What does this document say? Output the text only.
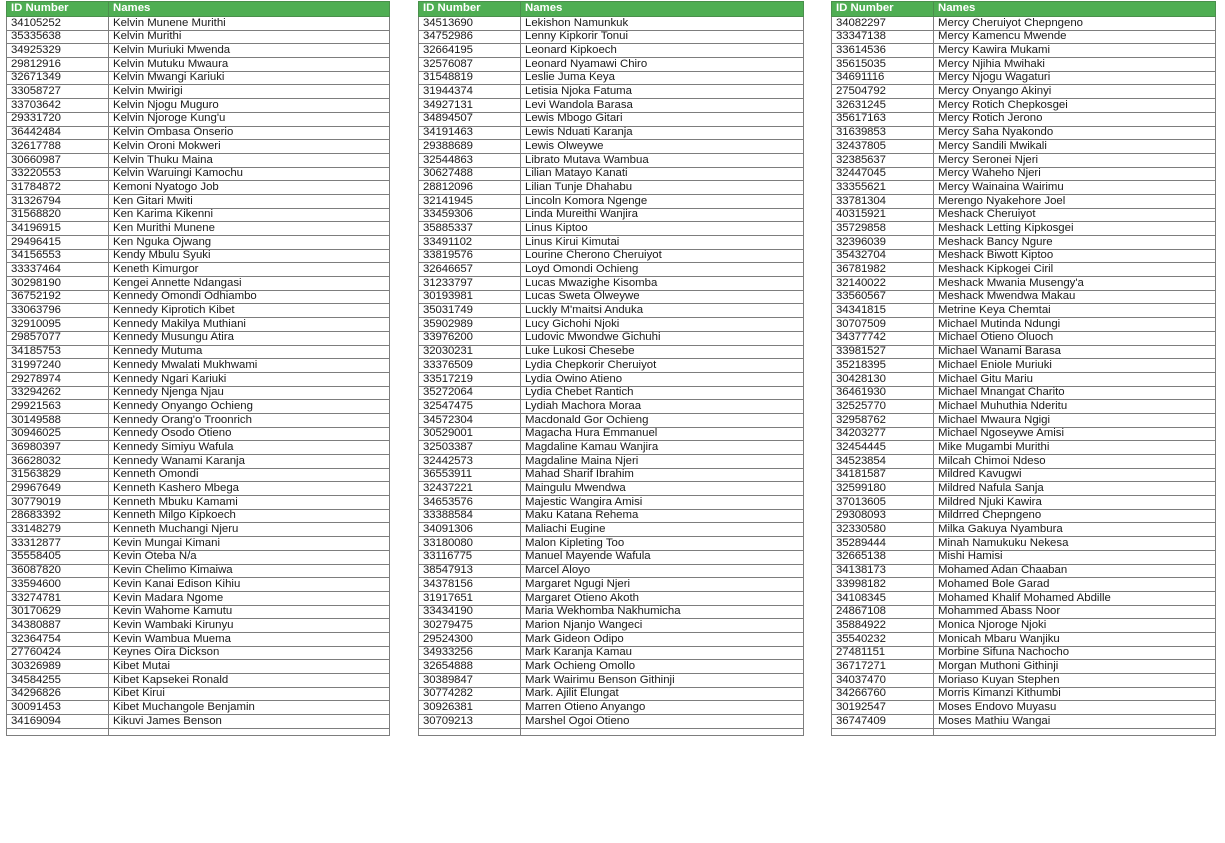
ID Number	Names
34105252	Kelvin Munene Murithi
35335638	Kelvin Murithi
34925329	Kelvin Muriuki Mwenda
29812916	Kelvin Mutuku Mwaura
32671349	Kelvin Mwangi Kariuki
33058727	Kelvin Mwirigi
33703642	Kelvin Njogu Muguro
29331720	Kelvin Njoroge Kung'u
36442484	Kelvin Ombasa Onserio
32617788	Kelvin Oroni Mokweri
30660987	Kelvin Thuku Maina
33220553	Kelvin Waruingi Kamochu
31784872	Kemoni Nyatogo Job
31326794	Ken Gitari Mwiti
31568820	Ken Karima Kikenni
34196915	Ken Murithi Munene
29496415	Ken Nguka Ojwang
34156553	Kendy Mbulu Syuki
33337464	Keneth Kimurgor
30298190	Kengei Annette Ndangasi
36752192	Kennedy Omondi Odhiambo
33063796	Kennedy Kiprotich Kibet
32910095	Kennedy Makilya Muthiani
29857077	Kennedy Musungu Atira
34185753	Kennedy Mutuma
31997240	Kennedy Mwalati Mukhwami
29278974	Kennedy Ngari Kariuki
33294262	Kennedy Njenga Njau
29921563	Kennedy Onyango Ochieng
30149588	Kennedy Orang'o Troonrich
30946025	Kennedy Osodo Otieno
36980397	Kennedy Simiyu Wafula
36628032	Kennedy Wanami Karanja
31563829	Kenneth Omondi
29967649	Kenneth Kashero Mbega
30779019	Kenneth Mbuku Kamami
28683392	Kenneth Milgo Kipkoech
33148279	Kenneth Muchangi Njeru
33312877	Kevin Mungai Kimani
35558405	Kevin Oteba N/a
36087820	Kevin Chelimo Kimaiwa
33594600	Kevin Kanai Edison Kihiu
33274781	Kevin Madara Ngome
30170629	Kevin Wahome Kamutu
34380887	Kevin Wambaki Kirunyu
32364754	Kevin Wambua Muema
27760424	Keynes Oira Dickson
30326989	Kibet Mutai
34584255	Kibet Kapsekei Ronald
34296826	Kibet Kirui
30091453	Kibet Muchangole Benjamin
34169094	Kikuvi James Benson

ID Number	Names
34513690	Lekishon Namunkuk
34752986	Lenny Kipkorir Tonui
32664195	Leonard Kipkoech
32576087	Leonard Nyamawi Chiro
31548819	Leslie Juma Keya
31944374	Letisia Njoka Fatuma
34927131	Levi Wandola Barasa
34894507	Lewis Mbogo Gitari
34191463	Lewis Nduati Karanja
29388689	Lewis Olweywe
32544863	Librato Mutava Wambua
30627488	Lilian Matayo Kanati
28812096	Lilian Tunje Dhahabu
32141945	Lincoln Komora Ngenge
33459306	Linda Mureithi Wanjira
35885337	Linus Kiptoo
33491102	Linus Kirui Kimutai
33819576	Lourine Cherono Cheruiyot
32646657	Loyd Omondi Ochieng
31233797	Lucas Mwazighe Kisomba
30193981	Lucas Sweta Olweywe
35031749	Luckly M'maitsi Anduka
35902989	Lucy Gichohi Njoki
33976200	Ludovic Mwondwe Gichuhi
32030231	Luke Lukosi Chesebe
33376509	Lydia Chepkorir Cheruiyot
33517219	Lydia Owino Atieno
35272064	Lydia Chebet Rantich
32547475	Lydiah Machora Moraa
34572304	Macdonald Gor Ochieng
30529001	Magacha Hura Emmanuel
32503387	Magdaline Kamau Wanjira
32442573	Magdaline Maina Njeri
36553911	Mahad Sharif Ibrahim
32437221	Maingulu Mwendwa
34653576	Majestic Wangira Amisi
33388584	Maku Katana Rehema
34091306	Maliachi Eugine
33180080	Malon Kipleting Too
33116775	Manuel Mayende Wafula
38547913	Marcel Aloyo
34378156	Margaret Ngugi Njeri
31917651	Margaret Otieno Akoth
33434190	Maria Wekhomba Nakhumicha
30279475	Marion Njanjo Wangeci
29524300	Mark Gideon Odipo
34933256	Mark Karanja Kamau
32654888	Mark Ochieng Omollo
30389847	Mark Wairimu Benson Githinji
30774282	Mark. Ajilit Elungat
30926381	Marren Otieno Anyango
30709213	Marshel Ogoi Otieno

ID Number	Names
34082297	Mercy Cheruiyot Chepngeno
33347138	Mercy Kamencu Mwende
33614536	Mercy Kawira Mukami
35615035	Mercy Njihia Mwihaki
34691116	Mercy Njogu Wagaturi
27504792	Mercy Onyango Akinyi
32631245	Mercy Rotich Chepkosgei
35617163	Mercy Rotich Jerono
31639853	Mercy Saha Nyakondo
32437805	Mercy Sandili Mwikali
32385637	Mercy Seronei Njeri
32447045	Mercy Waheho Njeri
33355621	Mercy Wainaina Wairimu
33781304	Merengo Nyakehore Joel
40315921	Meshack Cheruiyot
35729858	Meshack Letting Kipkosgei
32396039	Meshack Bancy Ngure
35432704	Meshack Biwott Kiptoo
36781982	Meshack Kipkogei Ciril
32140022	Meshack Mwania Musengy'a
33560567	Meshack Mwendwa Makau
34341815	Metrine Keya Chemtai
30707509	Michael Mutinda Ndungi
34377742	Michael Otieno Oluoch
33981527	Michael Wanami Barasa
35218395	Michael Eniole Muriuki
30428130	Michael Gitu Mariu
36461930	Michael Mnangat Charito
32525770	Michael Muhuthia Nderitu
32958762	Michael Mwaura Ngigi
34203277	Michael Ngoseywe Amisi
32454445	Mike Mugambi Murithi
34523854	Milcah Chimoi Ndeso
34181587	Mildred Kavugwi
32599180	Mildred Nafula Sanja
37013605	Mildred Njuki Kawira
29308093	Mildrred Chepngeno
32330580	Milka Gakuya Nyambura
35289444	Minah Namukuku Nekesa
32665138	Mishi Hamisi
34138173	Mohamed Adan Chaaban
33998182	Mohamed Bole Garad
34108345	Mohamed Khalif Mohamed Abdille
24867108	Mohammed Abass Noor
35884922	Monica Njoroge Njoki
35540232	Monicah Mbaru Wanjiku
27481151	Morbine Sifuna Nachocho
36717271	Morgan Muthoni Githinji
34037470	Moriaso Kuyan Stephen
34266760	Morris Kimanzi Kithumbi
30192547	Moses Endovo Muyasu
36747409	Moses Mathiu Wangai
